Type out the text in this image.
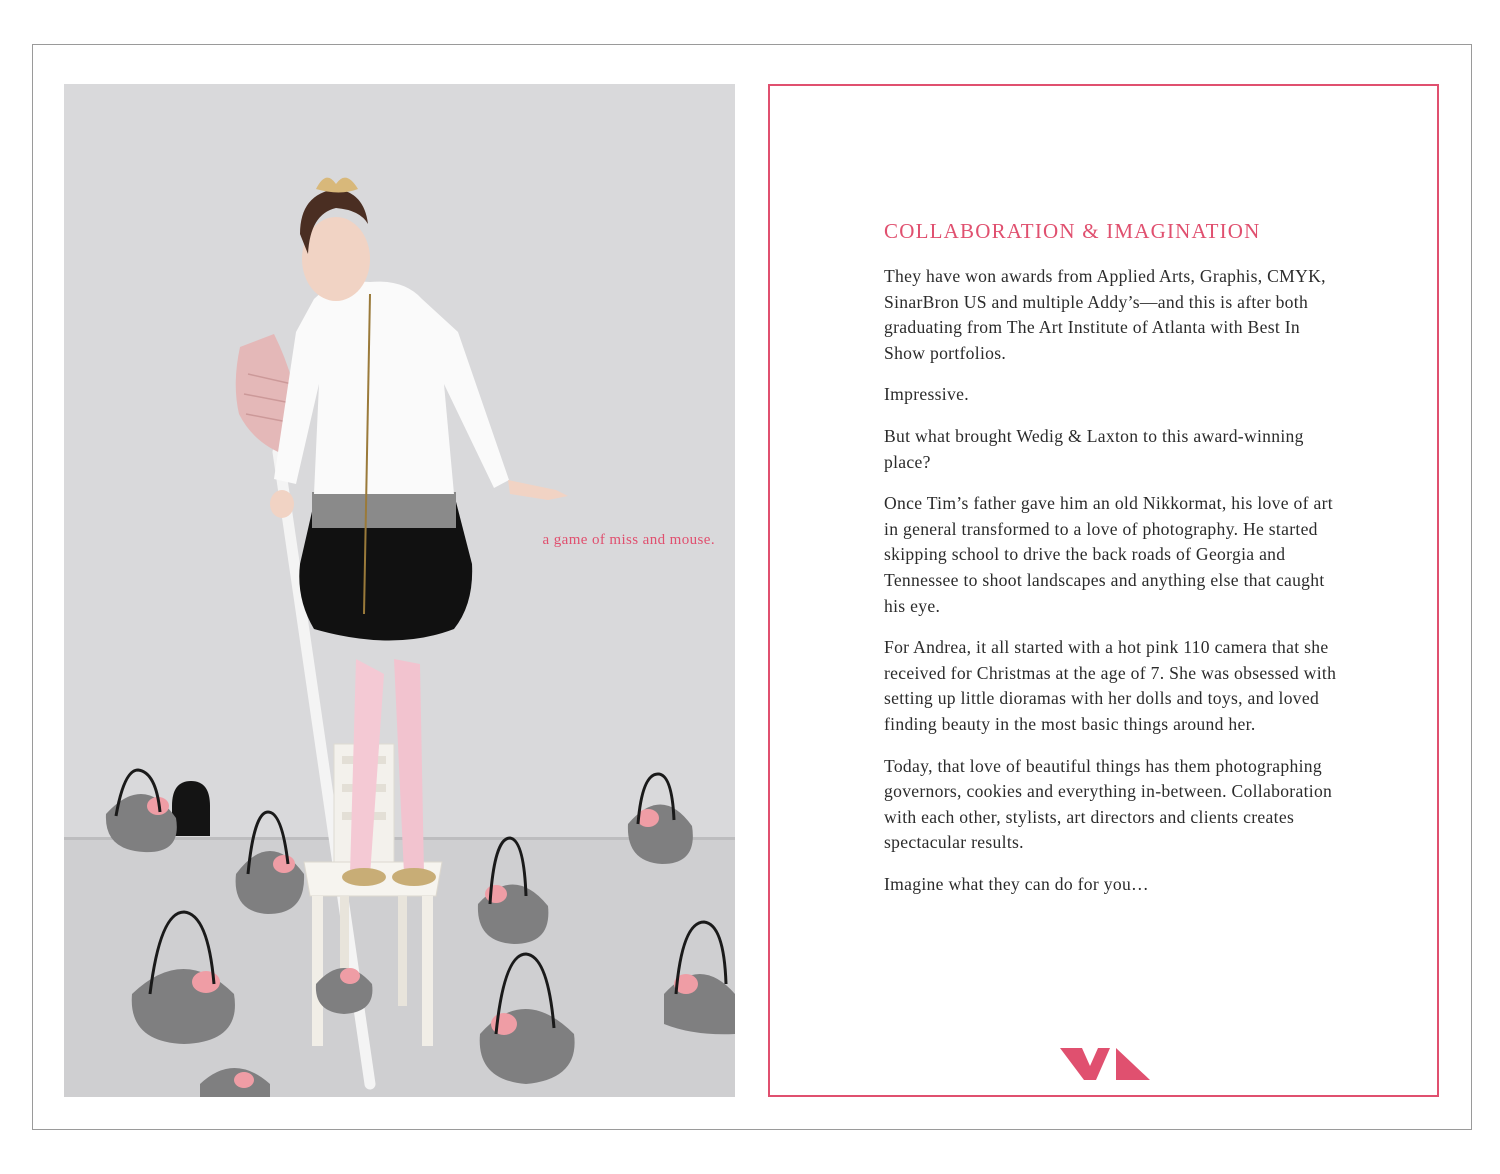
a game of miss and mouse.
COLLABORATION & IMAGINATION

They have won awards from Applied Arts, Graphis, CMYK, SinarBron US and multiple Addy’s—and this is after both graduating from The Art Institute of Atlanta with Best In Show portfolios.

Impressive.

But what brought Wedig & Laxton to this award-winning place?

Once Tim’s father gave him an old Nikkormat, his love of art in general transformed to a love of photography. He started skipping school to drive the back roads of Georgia and Tennessee to shoot landscapes and anything else that caught his eye.

For Andrea, it all started with a hot pink 110 camera that she received for Christmas at the age of 7. She was obsessed with setting up little dioramas with her dolls and toys, and loved finding beauty in the most basic things around her.

Today, that love of beautiful things has them photographing governors, cookies and everything in-between. Collaboration with each other, stylists, art directors and clients creates spectacular results.

Imagine what they can do for you…
